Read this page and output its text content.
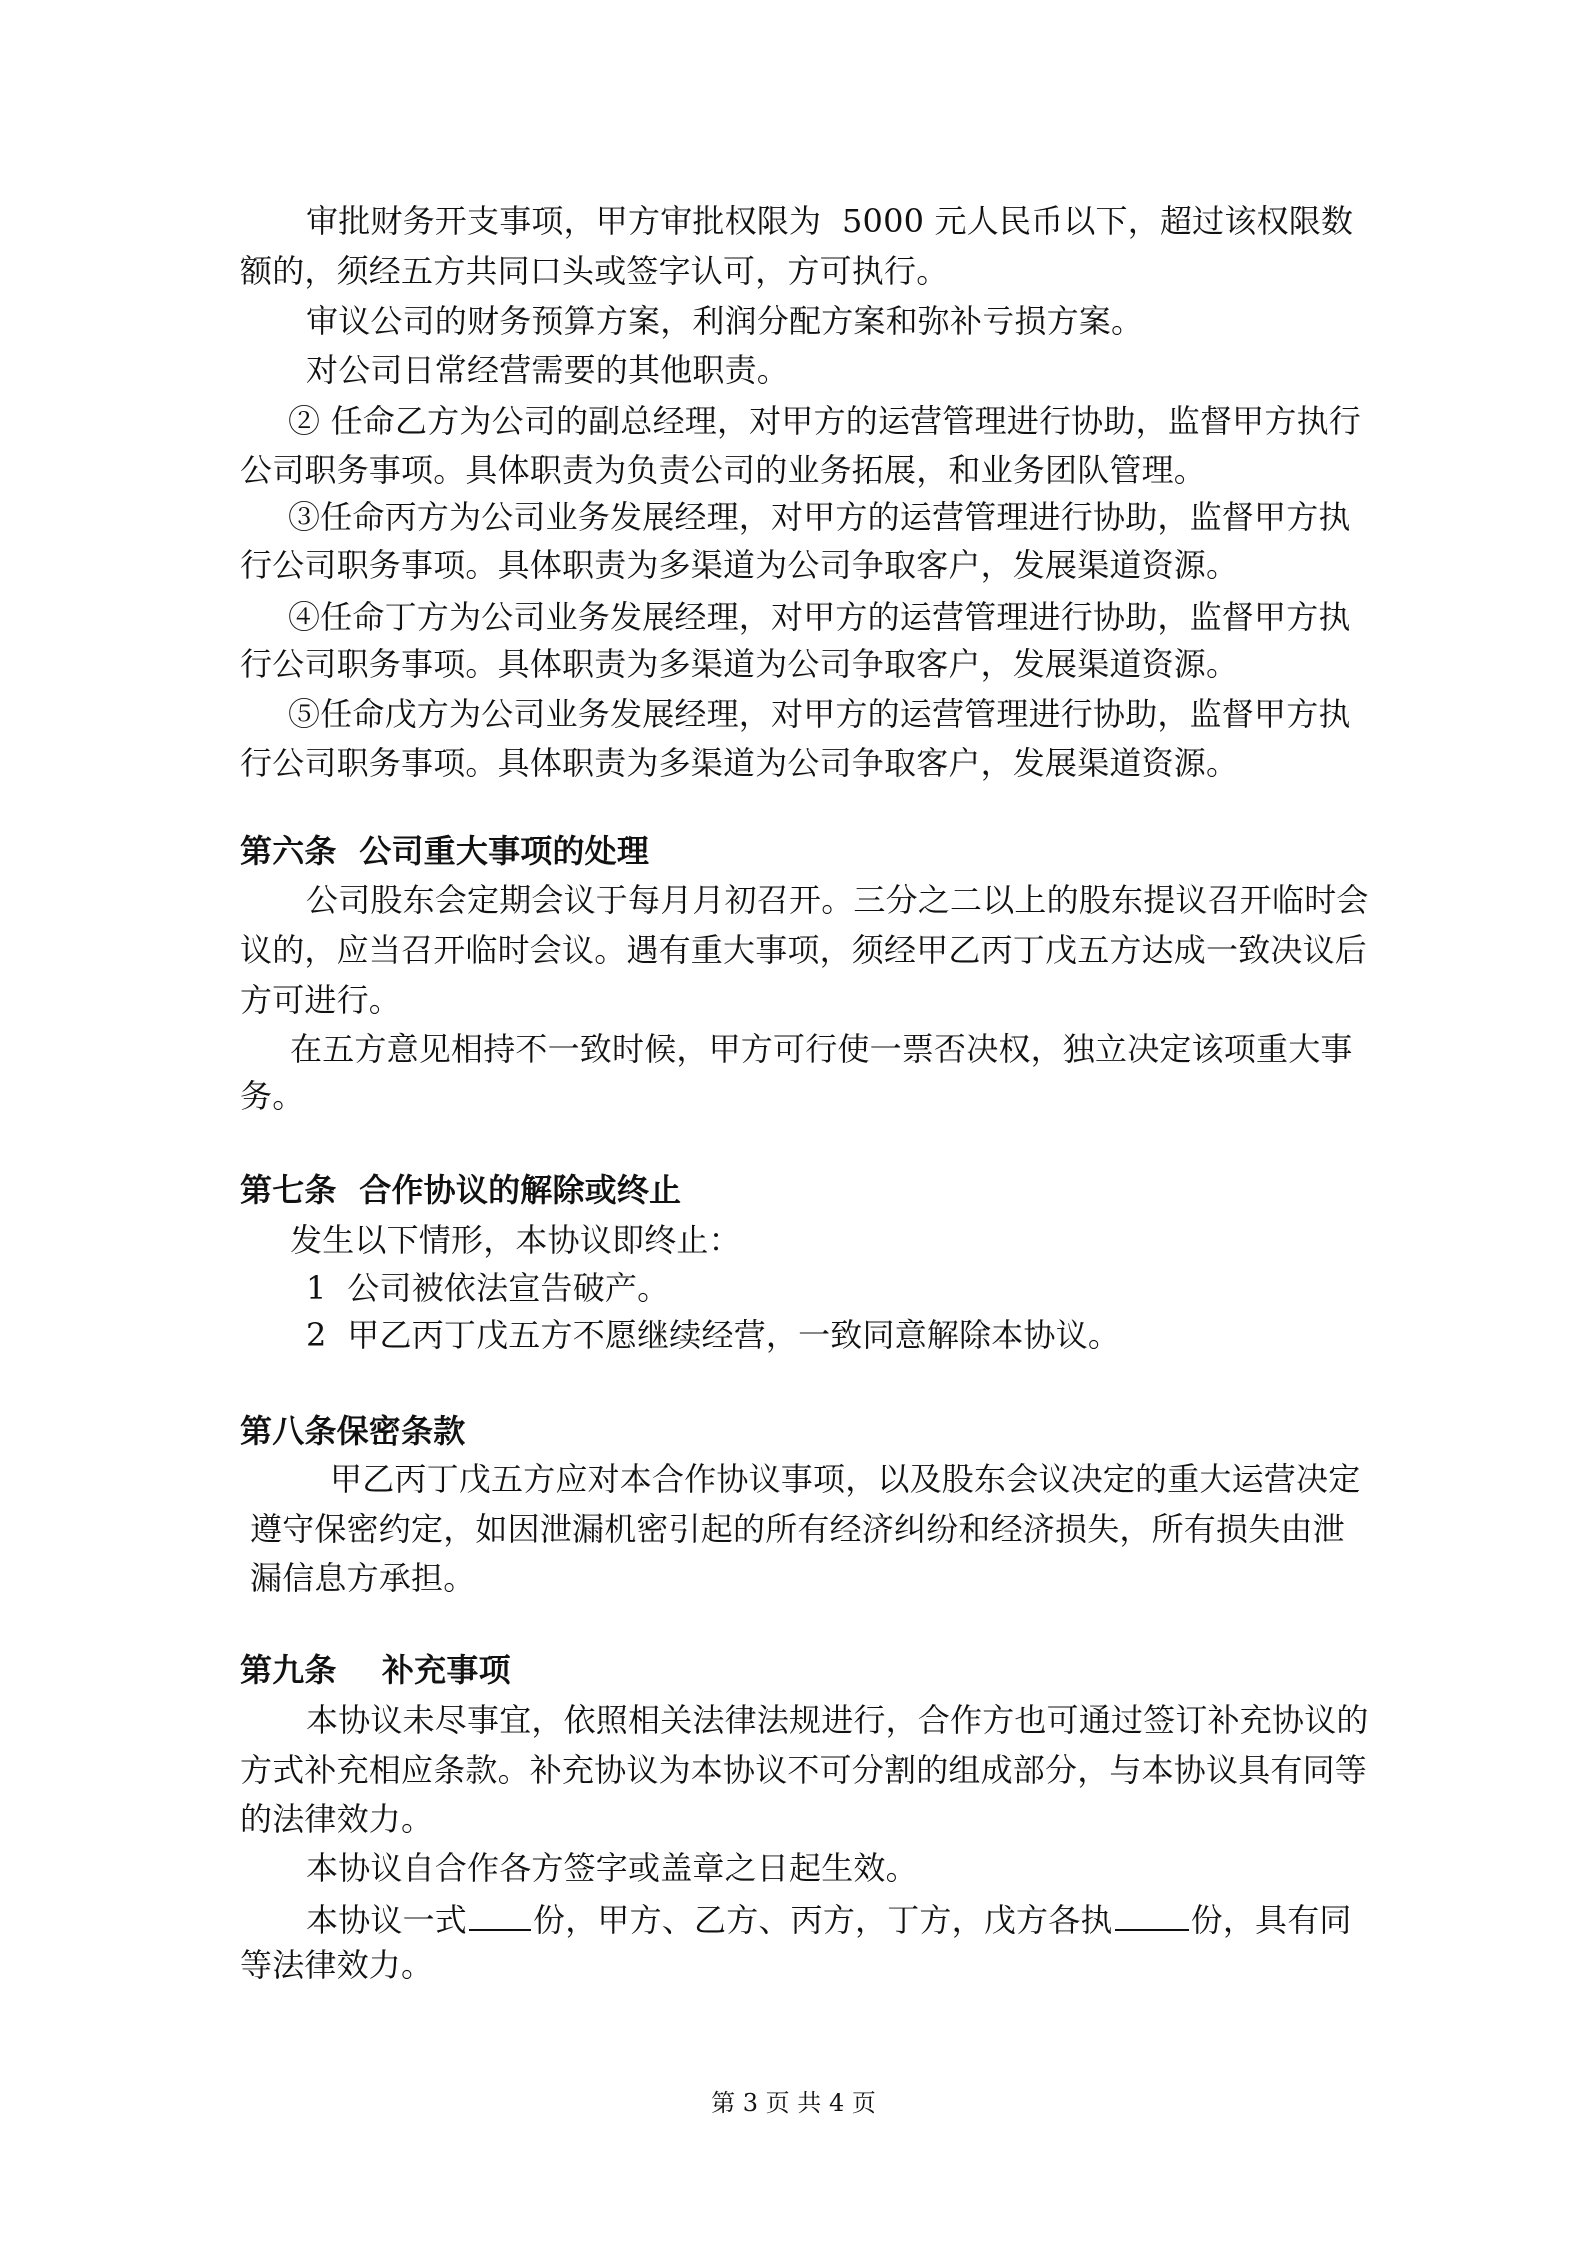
审批财务开支事项，甲方审批权限为  5000 元人民币以下，超过该权限数

额的，须经五方共同口头或签字认可，方可执行。

审议公司的财务预算方案，利润分配方案和弥补亏损方案。

对公司日常经营需要的其他职责。

② 任命乙方为公司的副总经理，对甲方的运营管理进行协助，监督甲方执行

公司职务事项。具体职责为负责公司的业务拓展，和业务团队管理。

③任命丙方为公司业务发展经理，对甲方的运营管理进行协助，监督甲方执

行公司职务事项。具体职责为多渠道为公司争取客户，发展渠道资源。

④任命丁方为公司业务发展经理，对甲方的运营管理进行协助，监督甲方执

行公司职务事项。具体职责为多渠道为公司争取客户，发展渠道资源。

⑤任命戊方为公司业务发展经理，对甲方的运营管理进行协助，监督甲方执

行公司职务事项。具体职责为多渠道为公司争取客户，发展渠道资源。

第六条  公司重大事项的处理

公司股东会定期会议于每月月初召开。三分之二以上的股东提议召开临时会

议的，应当召开临时会议。遇有重大事项，须经甲乙丙丁戊五方达成一致决议后

方可进行。

在五方意见相持不一致时候，甲方可行使一票否决权，独立决定该项重大事

务。

第七条  合作协议的解除或终止

发生以下情形，本协议即终止：

1  公司被依法宣告破产。

2  甲乙丙丁戊五方不愿继续经营，一致同意解除本协议。

第八条保密条款

甲乙丙丁戊五方应对本合作协议事项，以及股东会议决定的重大运营决定

遵守保密约定，如因泄漏机密引起的所有经济纠纷和经济损失，所有损失由泄

漏信息方承担。

第九条    补充事项

本协议未尽事宜，依照相关法律法规进行，合作方也可通过签订补充协议的

方式补充相应条款。补充协议为本协议不可分割的组成部分，与本协议具有同等

的法律效力。

本协议自合作各方签字或盖章之日起生效。

本协议一式 份，甲方、乙方、丙方，丁方，戊方各执 份，具有同

等法律效力。

第 3 页 共 4 页
